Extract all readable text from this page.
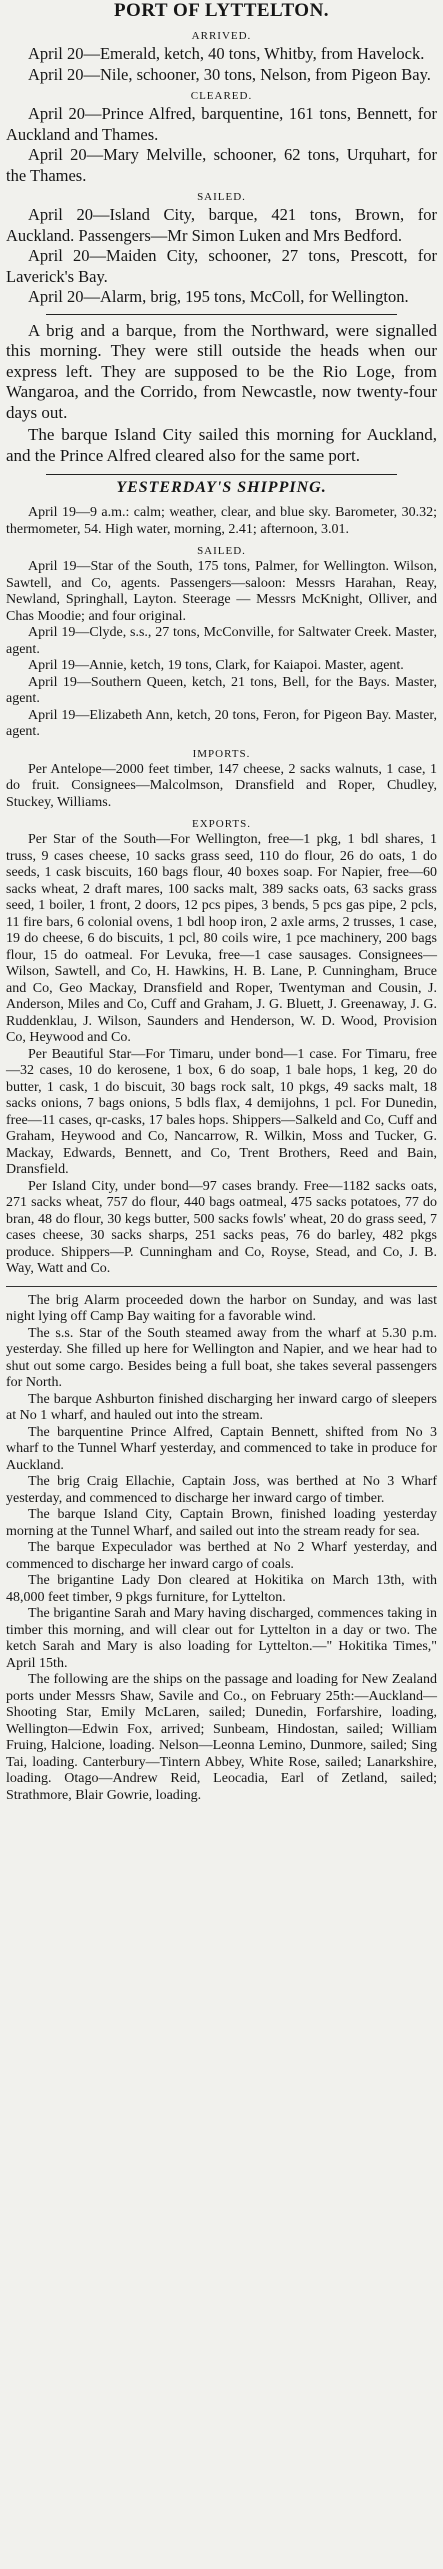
PORT OF LYTTELTON.
ARRIVED.

April 20—Emerald, ketch, 40 tons, Whitby, from Havelock.

April 20—Nile, schooner, 30 tons, Nelson, from Pigeon Bay.

CLEARED.

April 20—Prince Alfred, barquentine, 161 tons, Bennett, for Auckland and Thames.

April 20—Mary Melville, schooner, 62 tons, Urquhart, for the Thames.

SAILED.

April 20—Island City, barque, 421 tons, Brown, for Auckland. Passengers—Mr Simon Luken and Mrs Bedford.

April 20—Maiden City, schooner, 27 tons, Prescott, for Laverick's Bay.

April 20—Alarm, brig, 195 tons, McColl, for Wellington.

A brig and a barque, from the Northward, were signalled this morning. They were still outside the heads when our express left. They are supposed to be the Rio Loge, from Wangaroa, and the Corrido, from Newcastle, now twenty-four days out.

The barque Island City sailed this morning for Auckland, and the Prince Alfred cleared also for the same port.

YESTERDAY'S SHIPPING.

April 19—9 a.m.: calm; weather, clear, and blue sky. Barometer, 30.32; thermometer, 54. High water, morning, 2.41; afternoon, 3.01.

SAILED.

April 19—Star of the South, 175 tons, Palmer, for Wellington. Wilson, Sawtell, and Co, agents. Passengers—saloon: Messrs Harahan, Reay, Newland, Springhall, Layton. Steerage — Messrs McKnight, Olliver, and Chas Moodie; and four original.

April 19—Clyde, s.s., 27 tons, McConville, for Saltwater Creek. Master, agent.

April 19—Annie, ketch, 19 tons, Clark, for Kaiapoi. Master, agent.

April 19—Southern Queen, ketch, 21 tons, Bell, for the Bays. Master, agent.

April 19—Elizabeth Ann, ketch, 20 tons, Feron, for Pigeon Bay. Master, agent.

IMPORTS.

Per Antelope—2000 feet timber, 147 cheese, 2 sacks walnuts, 1 case, 1 do fruit. Consignees—Malcolmson, Dransfield and Roper, Chudley, Stuckey, Williams.

EXPORTS.

Per Star of the South—For Wellington, free—1 pkg, 1 bdl shares, 1 truss, 9 cases cheese, 10 sacks grass seed, 110 do flour, 26 do oats, 1 do seeds, 1 cask biscuits, 160 bags flour, 40 boxes soap. For Napier, free—60 sacks wheat, 2 draft mares, 100 sacks malt, 389 sacks oats, 63 sacks grass seed, 1 boiler, 1 front, 2 doors, 12 pcs pipes, 3 bends, 5 pcs gas pipe, 2 pcls, 11 fire bars, 6 colonial ovens, 1 bdl hoop iron, 2 axle arms, 2 trusses, 1 case, 19 do cheese, 6 do biscuits, 1 pcl, 80 coils wire, 1 pce machinery, 200 bags flour, 15 do oatmeal. For Levuka, free—1 case sausages. Consignees—Wilson, Sawtell, and Co, H. Hawkins, H. B. Lane, P. Cunningham, Bruce and Co, Geo Mackay, Dransfield and Roper, Twentyman and Cousin, J. Anderson, Miles and Co, Cuff and Graham, J. G. Bluett, J. Greenaway, J. G. Ruddenklau, J. Wilson, Saunders and Henderson, W. D. Wood, Provision Co, Heywood and Co.

Per Beautiful Star—For Timaru, under bond—1 case. For Timaru, free—32 cases, 10 do kerosene, 1 box, 6 do soap, 1 bale hops, 1 keg, 20 do butter, 1 cask, 1 do biscuit, 30 bags rock salt, 10 pkgs, 49 sacks malt, 18 sacks onions, 7 bags onions, 5 bdls flax, 4 demijohns, 1 pcl. For Dunedin, free—11 cases, qr-casks, 17 bales hops. Shippers—Salkeld and Co, Cuff and Graham, Heywood and Co, Nancarrow, R. Wilkin, Moss and Tucker, G. Mackay, Edwards, Bennett, and Co, Trent Brothers, Reed and Bain, Dransfield.

Per Island City, under bond—97 cases brandy. Free—1182 sacks oats, 271 sacks wheat, 757 do flour, 440 bags oatmeal, 475 sacks potatoes, 77 do bran, 48 do flour, 30 kegs butter, 500 sacks fowls' wheat, 20 do grass seed, 7 cases cheese, 30 sacks sharps, 251 sacks peas, 76 do barley, 482 pkgs produce. Shippers—P. Cunningham and Co, Royse, Stead, and Co, J. B. Way, Watt and Co.

The brig Alarm proceeded down the harbor on Sunday, and was last night lying off Camp Bay waiting for a favorable wind.

The s.s. Star of the South steamed away from the wharf at 5.30 p.m. yesterday. She filled up here for Wellington and Napier, and we hear had to shut out some cargo. Besides being a full boat, she takes several passengers for North.

The barque Ashburton finished discharging her inward cargo of sleepers at No 1 wharf, and hauled out into the stream.

The barquentine Prince Alfred, Captain Bennett, shifted from No 3 wharf to the Tunnel Wharf yesterday, and commenced to take in produce for Auckland.

The brig Craig Ellachie, Captain Joss, was berthed at No 3 Wharf yesterday, and commenced to discharge her inward cargo of timber.

The barque Island City, Captain Brown, finished loading yesterday morning at the Tunnel Wharf, and sailed out into the stream ready for sea.

The barque Expeculador was berthed at No 2 Wharf yesterday, and commenced to discharge her inward cargo of coals.

The brigantine Lady Don cleared at Hokitika on March 13th, with 48,000 feet timber, 9 pkgs furniture, for Lyttelton.

The brigantine Sarah and Mary having discharged, commences taking in timber this morning, and will clear out for Lyttelton in a day or two. The ketch Sarah and Mary is also loading for Lyttelton.—" Hokitika Times," April 15th.

The following are the ships on the passage and loading for New Zealand ports under Messrs Shaw, Savile and Co., on February 25th:—Auckland—Shooting Star, Emily McLaren, sailed; Dunedin, Forfarshire, loading, Wellington—Edwin Fox, arrived; Sunbeam, Hindostan, sailed; William Fruing, Halcione, loading. Nelson—Leonna Lemino, Dunmore, sailed; Sing Tai, loading. Canterbury—Tintern Abbey, White Rose, sailed; Lanarkshire, loading. Otago—Andrew Reid, Leocadia, Earl of Zetland, sailed; Strathmore, Blair Gowrie, loading.
